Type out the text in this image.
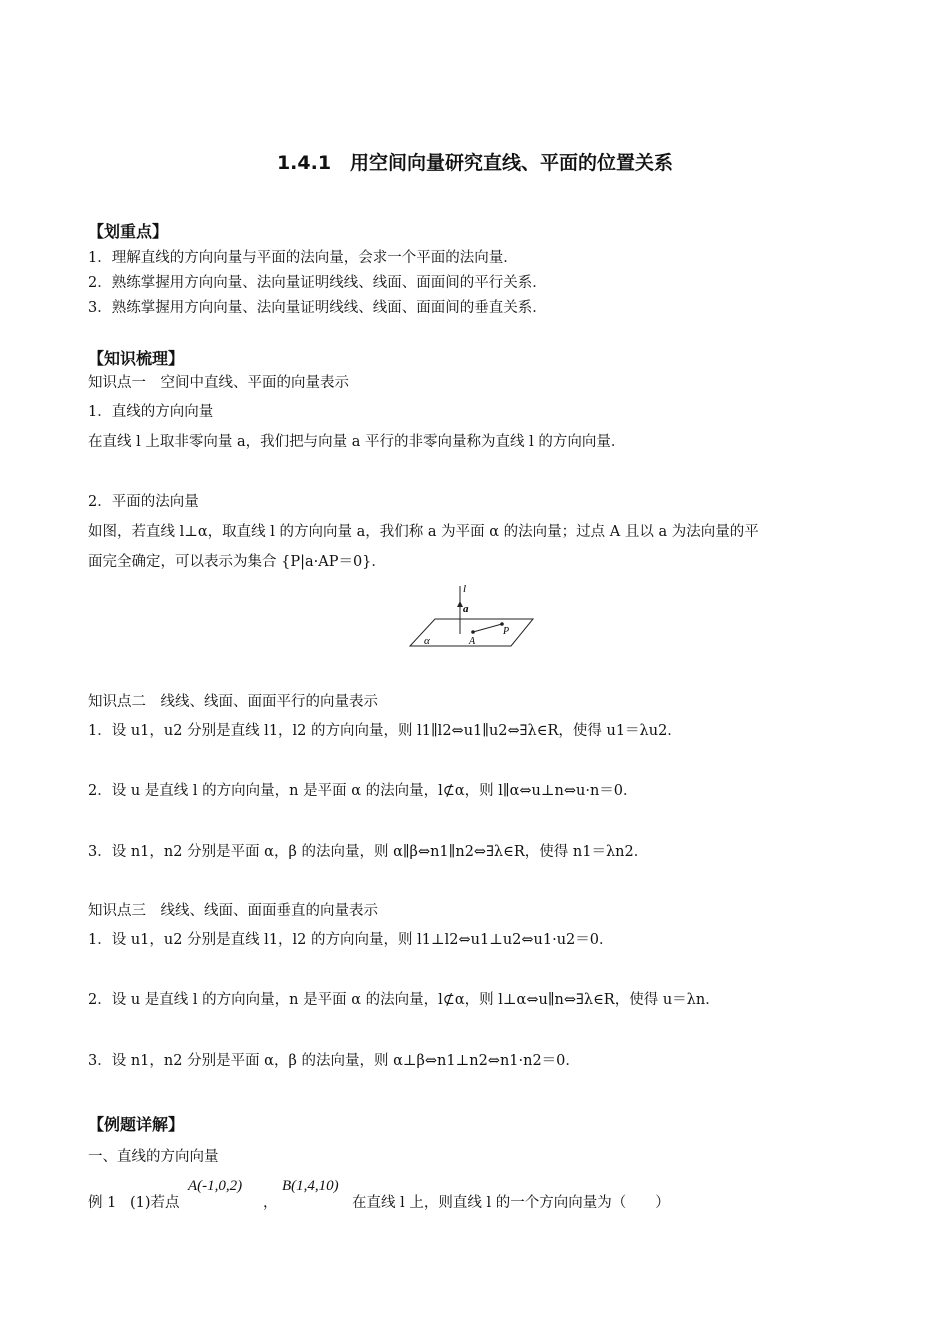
1.4.1　用空间向量研究直线、平面的位置关系
【划重点】
1．理解直线的方向向量与平面的法向量，会求一个平面的法向量．
2．熟练掌握用方向向量、法向量证明线线、线面、面面间的平行关系．
3．熟练掌握用方向向量、法向量证明线线、线面、面面间的垂直关系．
【知识梳理】
知识点一　空间中直线、平面的向量表示
1．直线的方向向量
在直线 l 上取非零向量 a，我们把与向量 a 平行的非零向量称为直线 l 的方向向量．
2．平面的法向量
如图，若直线 l⊥α，取直线 l 的方向向量 a，我们称 a 为平面 α 的法向量；过点 A 且以 a 为法向量的平
面完全确定，可以表示为集合 {P|a·AP＝0}．
l
a
α	A
P
知识点二　线线、线面、面面平行的向量表示
1．设 u1，u2 分别是直线 l1，l2 的方向向量，则 l1∥l2⇔u1∥u2⇔∃λ∈R，使得 u1＝λu2．
2．设 u 是直线 l 的方向向量，n 是平面 α 的法向量，l⊄α，则 l∥α⇔u⊥n⇔u·n＝0．
3．设 n1，n2 分别是平面 α，β 的法向量，则 α∥β⇔n1∥n2⇔∃λ∈R，使得 n1＝λn2．
知识点三　线线、线面、面面垂直的向量表示
1．设 u1，u2 分别是直线 l1，l2 的方向向量，则 l1⊥l2⇔u1⊥u2⇔u1·u2＝0．
2．设 u 是直线 l 的方向向量，n 是平面 α 的法向量，l⊄α，则 l⊥α⇔u∥n⇔∃λ∈R，使得 u＝λn．
3．设 n1，n2 分别是平面 α，β 的法向量，则 α⊥β⇔n1⊥n2⇔n1·n2＝0．
【例题详解】
一、直线的方向向量
例 1 (1)若点
A(-1,0,2)
，
B(1,4,10)
在直线 l 上，则直线 l 的一个方向向量为（　　）
